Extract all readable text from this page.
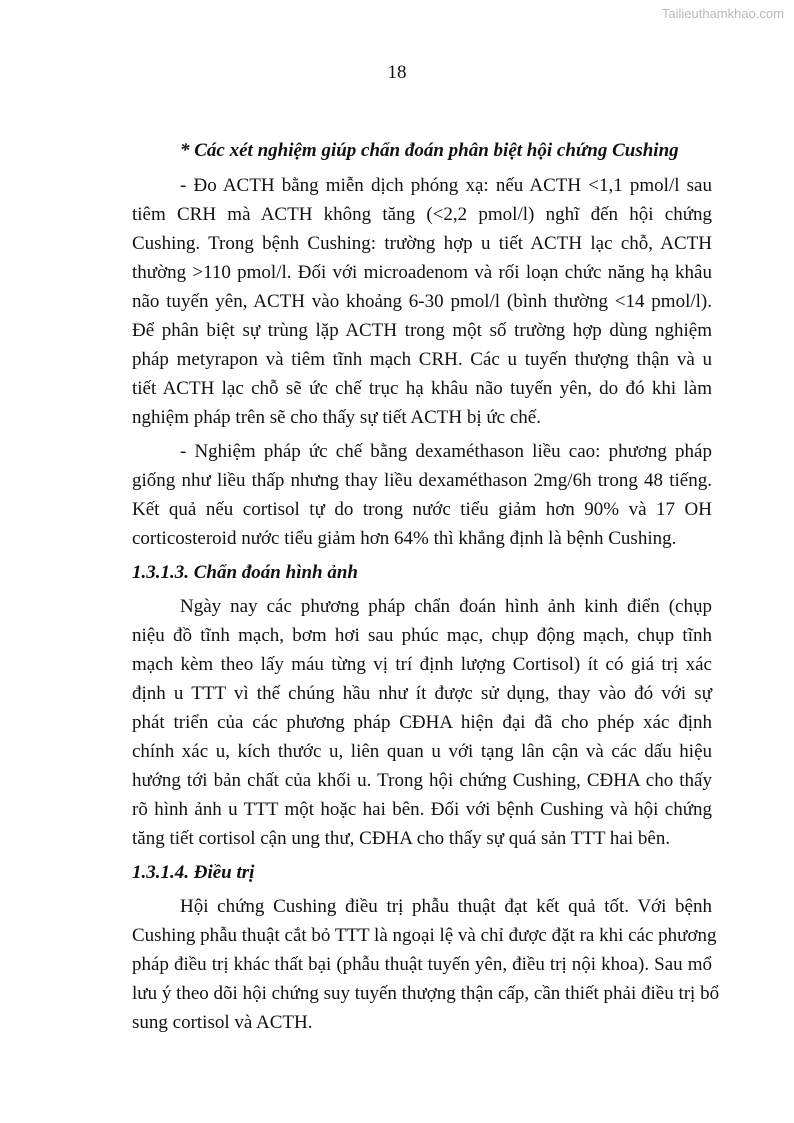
Tailieuthamkhao.com
18
* Các xét nghiệm giúp chẩn đoán phân biệt hội chứng Cushing
- Đo ACTH bằng miễn dịch phóng xạ: nếu ACTH <1,1 pmol/l sau
tiêm CRH mà ACTH không tăng (<2,2 pmol/l) nghĩ đến hội chứng
Cushing. Trong bệnh Cushing: trường hợp u tiết ACTH lạc chỗ, ACTH
thường >110 pmol/l. Đối với microadenom và rối loạn chức năng hạ khâu
não tuyến yên, ACTH vào khoảng 6-30 pmol/l (bình thường <14 pmol/l).
Để phân biệt sự trùng lặp ACTH trong một số trường hợp dùng nghiệm
pháp metyrapon và tiêm tĩnh mạch CRH. Các u tuyến thượng thận và u
tiết ACTH lạc chỗ sẽ ức chế trục hạ khâu não tuyến yên, do đó khi làm
nghiệm pháp trên sẽ cho thấy sự tiết ACTH bị ức chế.
- Nghiệm pháp ức chế bằng dexaméthason liều cao: phương pháp
giống như liều thấp nhưng thay liều dexaméthason 2mg/6h trong 48 tiếng.
Kết quả nếu cortisol tự do trong nước tiểu giảm hơn 90% và 17 OH
corticosteroid nước tiểu giảm hơn 64% thì khẳng định là bệnh Cushing.
1.3.1.3. Chẩn đoán hình ảnh
Ngày nay các phương pháp chẩn đoán hình ảnh kinh điển (chụp
niệu đồ tĩnh mạch, bơm hơi sau phúc mạc, chụp động mạch, chụp tĩnh
mạch kèm theo lấy máu từng vị trí định lượng Cortisol) ít có giá trị xác
định u TTT vì thế chúng hầu như ít được sử dụng, thay vào đó với sự
phát triển của các phương pháp CĐHA hiện đại đã cho phép xác định
chính xác u, kích thước u, liên quan u với tạng lân cận và các dấu hiệu
hướng tới bản chất của khối u. Trong hội chứng Cushing, CĐHA cho thấy
rõ hình ảnh u TTT một hoặc hai bên. Đối với bệnh Cushing và hội chứng
tăng tiết cortisol cận ung thư, CĐHA cho thấy sự quá sản TTT hai bên.
1.3.1.4. Điều trị
Hội chứng Cushing điều trị phẫu thuật đạt kết quả tốt. Với bệnh
Cushing phẫu thuật cắt bỏ TTT là ngoại lệ và chỉ được đặt ra khi các phương
pháp điều trị khác thất bại (phẫu thuật tuyến yên, điều trị nội khoa). Sau mổ
lưu ý theo dõi hội chứng suy tuyến thượng thận cấp, cần thiết phải điều trị bổ
sung cortisol và ACTH.
